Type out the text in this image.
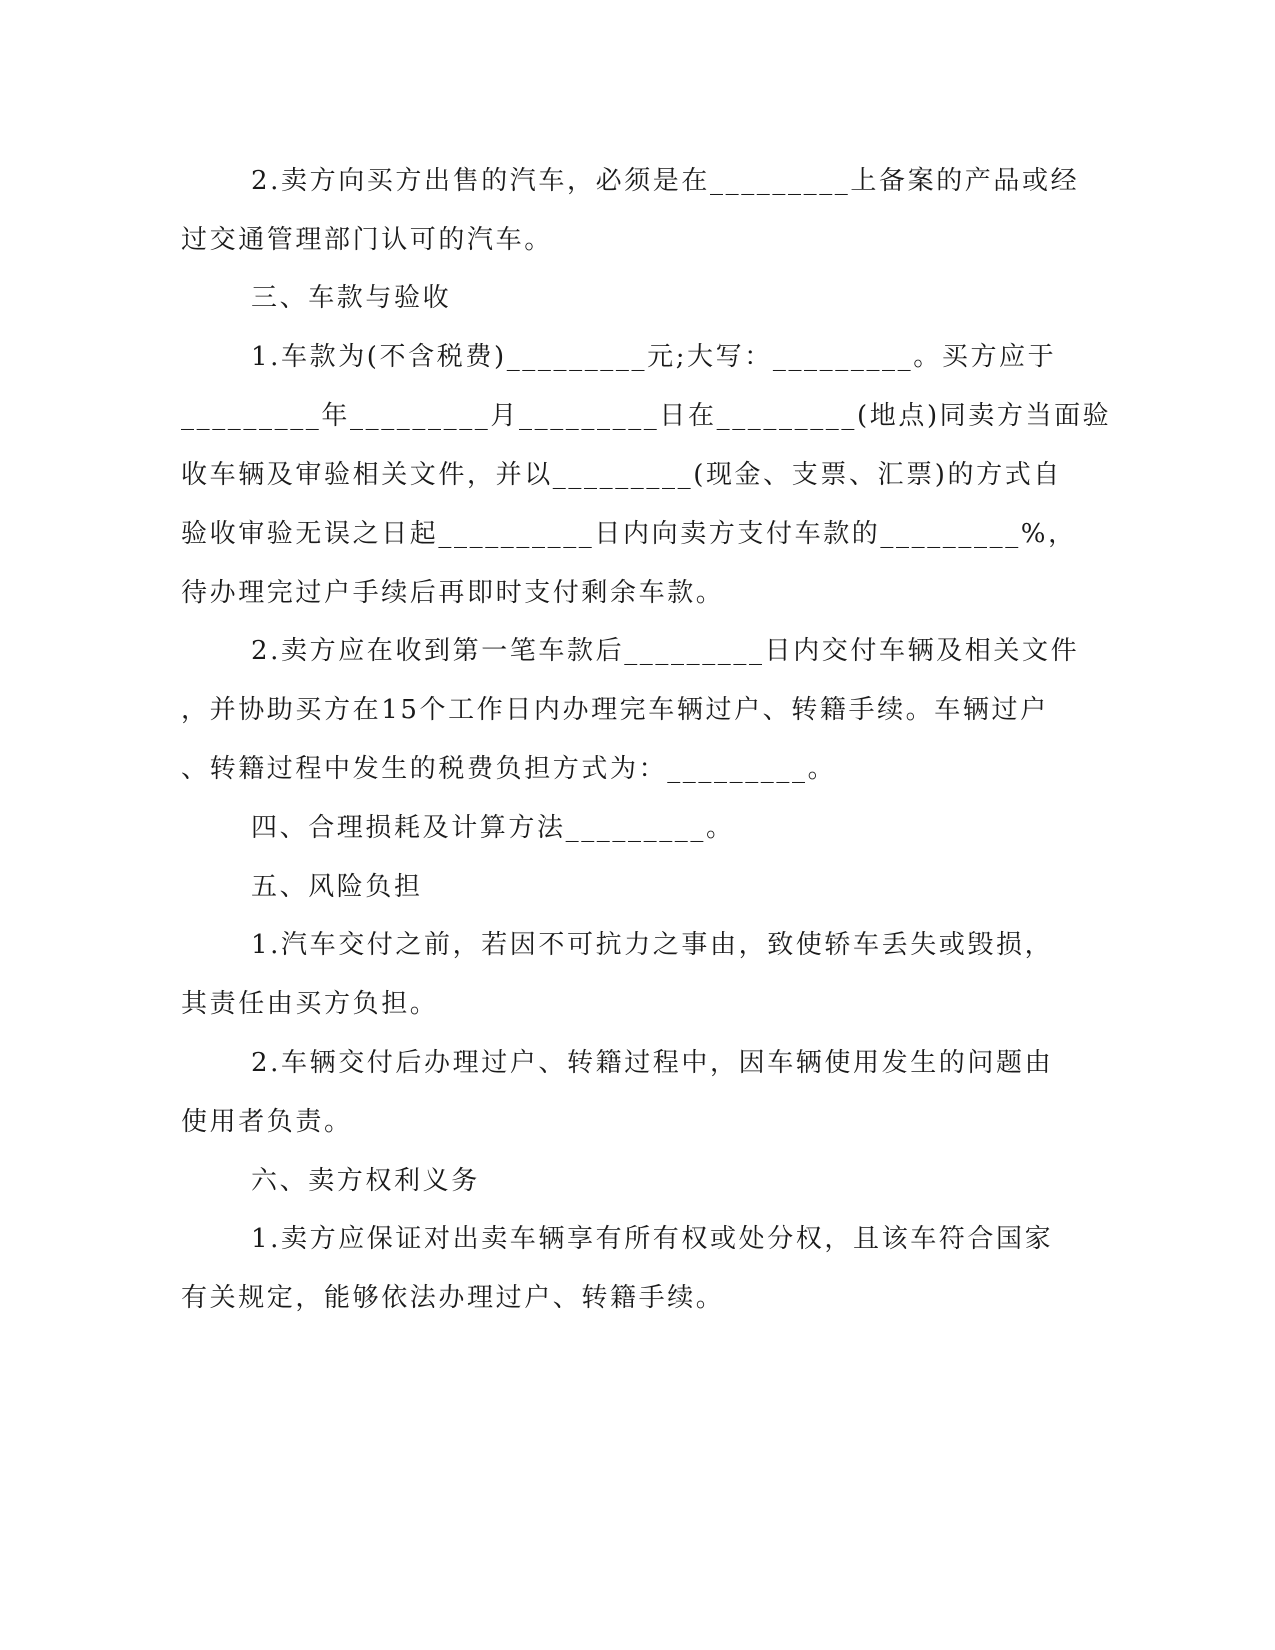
2.卖方向买方出售的汽车，必须是在_________上备案的产品或经

过交通管理部门认可的汽车。

三、车款与验收

1.车款为(不含税费)_________元;大写：_________。买方应于

_________年_________月_________日在_________(地点)同卖方当面验

收车辆及审验相关文件，并以_________(现金、支票、汇票)的方式自

验收审验无误之日起__________日内向卖方支付车款的_________%，

待办理完过户手续后再即时支付剩余车款。

2.卖方应在收到第一笔车款后_________日内交付车辆及相关文件

，并协助买方在15个工作日内办理完车辆过户、转籍手续。车辆过户

、转籍过程中发生的税费负担方式为：_________。

四、合理损耗及计算方法_________。

五、风险负担

1.汽车交付之前，若因不可抗力之事由，致使轿车丢失或毁损，

其责任由买方负担。

2.车辆交付后办理过户、转籍过程中，因车辆使用发生的问题由

使用者负责。

六、卖方权利义务

1.卖方应保证对出卖车辆享有所有权或处分权，且该车符合国家

有关规定，能够依法办理过户、转籍手续。
